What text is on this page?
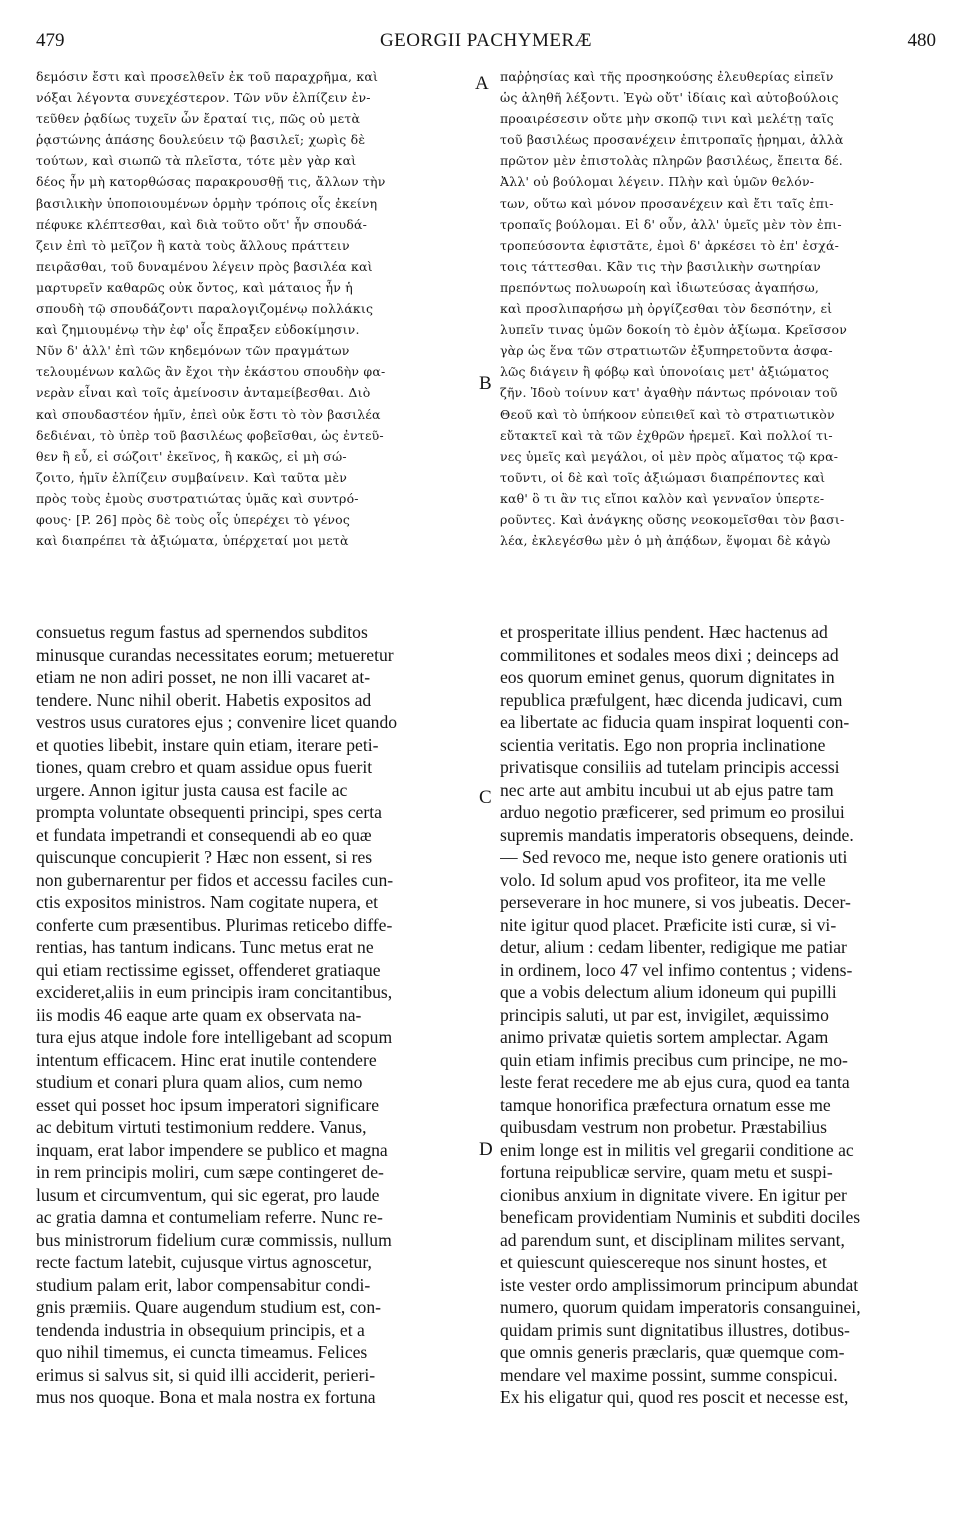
479	GEORGII PACHYMERÆ	480
δεμόσιν ἔστι καὶ προσελθεῖν ἐκ τοῦ παραχρῆμα, καὶ
νόξαι λέγοντα συνεχέστερον. Τῶν νῦν ἐλπίζειν ἐν-
τεῦθεν ῥᾳδίως τυχεῖν ὧν ἔραταί τις, πῶς οὐ μετὰ
ῥᾳστώνης ἁπάσης δουλεύειν τῷ βασιλεῖ; χωρὶς δὲ
τούτων, καὶ σιωπῶ τὰ πλεῖστα, τότε μὲν γὰρ καὶ
δέος ἦν μὴ κατορθώσας παρακρουσθῇ τις, ἄλλων τὴν
βασιλικὴν ὑποποιουμένων ὁρμὴν τρόποις οἷς ἐκείνη
πέφυκε κλέπτεσθαι, καὶ διὰ τοῦτο οὔτ' ἦν σπουδά-
ζειν ἐπὶ τὸ μεῖζον ἢ κατὰ τοὺς ἄλλους πράττειν
πειρᾶσθαι, τοῦ δυναμένου λέγειν πρὸς βασιλέα καὶ
μαρτυρεῖν καθαρῶς οὐκ ὄντος, καὶ μάταιος ἦν ἡ
σπουδὴ τῷ σπουδάζοντι παραλογιζομένῳ πολλάκις
καὶ ζημιουμένῳ τὴν ἐφ' οἷς ἔπραξεν εὐδοκίμησιν.
Νῦν δ' ἀλλ' ἐπὶ τῶν κηδεμόνων τῶν πραγμάτων
τελουμένων καλῶς ἂν ἔχοι τὴν ἑκάστου σπουδὴν φα-
νερὰν εἶναι καὶ τοῖς ἀμείνοσιν ἀνταμείβεσθαι. Διὸ
καὶ σπουδαστέον ἡμῖν, ἐπεὶ οὐκ ἔστι τὸ τὸν βασιλέα
δεδιέναι, τὸ ὑπὲρ τοῦ βασιλέως φοβεῖσθαι, ὡς ἐντεῦ-
θεν ἢ εὖ, εἰ σώζοιτ' ἐκεῖνος, ἢ κακῶς, εἰ μὴ σώ-
ζοιτο, ἡμῖν ἐλπίζειν συμβαίνειν. Καὶ ταῦτα μὲν
πρὸς τοὺς ἐμοὺς συστρατιώτας ὑμᾶς καὶ συντρό-
φους· [P. 26] πρὸς δὲ τοὺς οἷς ὑπερέχει τὸ γένος
καὶ διαπρέπει τὰ ἀξιώματα, ὑπέρχεταί μοι μετὰ
παῤῥησίας καὶ τῆς προσηκούσης ἐλευθερίας εἰπεῖν
ὡς ἀληθῆ λέξοντι. Ἐγὼ οὔτ' ἰδίαις καὶ αὐτοβούλοις
προαιρέσεσιν οὔτε μὴν σκοπῷ τινι καὶ μελέτῃ ταῖς
τοῦ βασιλέως προσανέχειν ἐπιτροπαῖς ᾑρημαι, ἀλλὰ
πρῶτον μὲν ἐπιστολὰς πληρῶν βασιλέως, ἔπειτα δέ.
Ἀλλ' οὐ βούλομαι λέγειν. Πλὴν καὶ ὑμῶν θελόν-
των, οὕτω καὶ μόνον προσανέχειν καὶ ἔτι ταῖς ἐπι-
τροπαῖς βούλομαι. Εἰ δ' οὖν, ἀλλ' ὑμεῖς μὲν τὸν ἐπι-
τροπεύσοντα ἐφιστᾶτε, ἐμοὶ δ' ἀρκέσει τὸ ἐπ' ἐσχά-
τοις τάττεσθαι. Κἂν τις τὴν βασιλικὴν σωτηρίαν
πρεπόντως πολυωροίη καὶ ἰδιωτεύσας ἀγαπήσω,
καὶ προσλιπαρήσω μὴ ὀργίζεσθαι τὸν δεσπότην, εἰ
λυπεῖν τινας ὑμῶν δοκοίη τὸ ἐμὸν ἀξίωμα. Κρεῖσσον
γὰρ ὡς ἕνα τῶν στρατιωτῶν ἐξυπηρετοῦντα ἀσφα-
λῶς διάγειν ἢ φόβῳ καὶ ὑπονοίαις μετ' ἀξιώματος
ζῆν. Ἰδοὺ τοίνυν κατ' ἀγαθὴν πάντως πρόνοιαν τοῦ
Θεοῦ καὶ τὸ ὑπήκοον εὐπειθεῖ καὶ τὸ στρατιωτικὸν
εὔτακτεῖ καὶ τὰ τῶν ἐχθρῶν ἠρεμεῖ. Καὶ πολλοί τι-
νες ὑμεῖς καὶ μεγάλοι, οἱ μὲν πρὸς αἵματος τῷ κρα-
τοῦντι, οἱ δὲ καὶ τοῖς ἀξιώμασι διαπρέποντες καὶ
καθ' ὃ τι ἂν τις εἴποι καλὸν καὶ γενναῖον ὑπερτε-
ροῦντες. Καὶ ἀνάγκης οὔσης νεοκομεῖσθαι τὸν βασι-
λέα, ἐκλεγέσθω μὲν ὁ μὴ ἀπᾴδων, ἕψομαι δὲ κἀγὼ
consuetus regum fastus ad spernendos subditos
minusque curandas necessitates eorum; metueretur
etiam ne non adiri posset, ne non illi vacaret at-
tendere. Nunc nihil oberit. Habetis expositos ad
vestros usus curatores ejus ; convenire licet quando
et quoties libebit, instare quin etiam, iterare peti-
tiones, quam crebro et quam assidue opus fuerit
urgere. Annon igitur justa causa est facile ac
prompta voluntate obsequenti principi, spes certa
et fundata impetrandi et consequendi ab eo quæ
quiscunque concupierit ? Hæc non essent, si res
non gubernarentur per fidos et accessu faciles cun-
ctis expositos ministros. Nam cogitate nupera, et
conferte cum præsentibus. Plurimas reticebo diffe-
rentias, has tantum indicans. Tunc metus erat ne
qui etiam rectissime egisset, offenderet gratiaque
excideret,aliis in eum principis iram concitantibus,
iis modis 46 eaque arte quam ex observata na-
tura ejus atque indole fore intelligebant ad scopum
intentum efficacem. Hinc erat inutile contendere
studium et conari plura quam alios, cum nemo
esset qui posset hoc ipsum imperatori significare
ac debitum virtuti testimonium reddere. Vanus,
inquam, erat labor impendere se publico et magna
in rem principis moliri, cum sæpe contingeret de-
lusum et circumventum, qui sic egerat, pro laude
ac gratia damna et contumeliam referre. Nunc re-
bus ministrorum fidelium curæ commissis, nullum
recte factum latebit, cujusque virtus agnoscetur,
studium palam erit, labor compensabitur condi-
gnis præmiis. Quare augendum studium est, con-
tendenda industria in obsequium principis, et a
quo nihil timemus, ei cuncta timeamus. Felices
erimus si salvus sit, si quid illi acciderit, perieri-
mus nos quoque. Bona et mala nostra ex fortuna
et prosperitate illius pendent. Hæc hactenus ad
commilitones et sodales meos dixi ; deinceps ad
eos quorum eminet genus, quorum dignitates in
republica præfulgent, hæc dicenda judicavi, cum
ea libertate ac fiducia quam inspirat loquenti con-
scientia veritatis. Ego non propria inclinatione
privatisque consiliis ad tutelam principis accessi
nec arte aut ambitu incubui ut ab ejus patre tam
arduo negotio præficerer, sed primum eo prosilui
supremis mandatis imperatoris obsequens, deinde.
— Sed revoco me, neque isto genere orationis uti
volo. Id solum apud vos profiteor, ita me velle
perseverare in hoc munere, si vos jubeatis. Decer-
nite igitur quod placet. Præficite isti curæ, si vi-
detur, alium : cedam libenter, redigique me patiar
in ordinem, loco 47 vel infimo contentus ; videns-
que a vobis delectum alium idoneum qui pupilli
principis saluti, ut par est, invigilet, æquissimo
animo privatæ quietis sortem amplectar. Agam
quin etiam infimis precibus cum principe, ne mo-
leste ferat recedere me ab ejus cura, quod ea tanta
tamque honorifica præfectura ornatum esse me
quibusdam vestrum non probetur. Præstabilius
enim longe est in militis vel gregarii conditione ac
fortuna reipublicæ servire, quam metu et suspi-
cionibus anxium in dignitate vivere. En igitur per
beneficam providentiam Numinis et subditi dociles
ad parendum sunt, et disciplinam milites servant,
et quiescunt quiescereque nos sinunt hostes, et
iste vester ordo amplissimorum principum abundat
numero, quorum quidam imperatoris consanguinei,
quidam primis sunt dignitatibus illustres, dotibus-
que omnis generis præclaris, quæ quemque com-
mendare vel maxime possint, summe conspicui.
Ex his eligatur qui, quod res poscit et necesse est,
A
B
C
D
